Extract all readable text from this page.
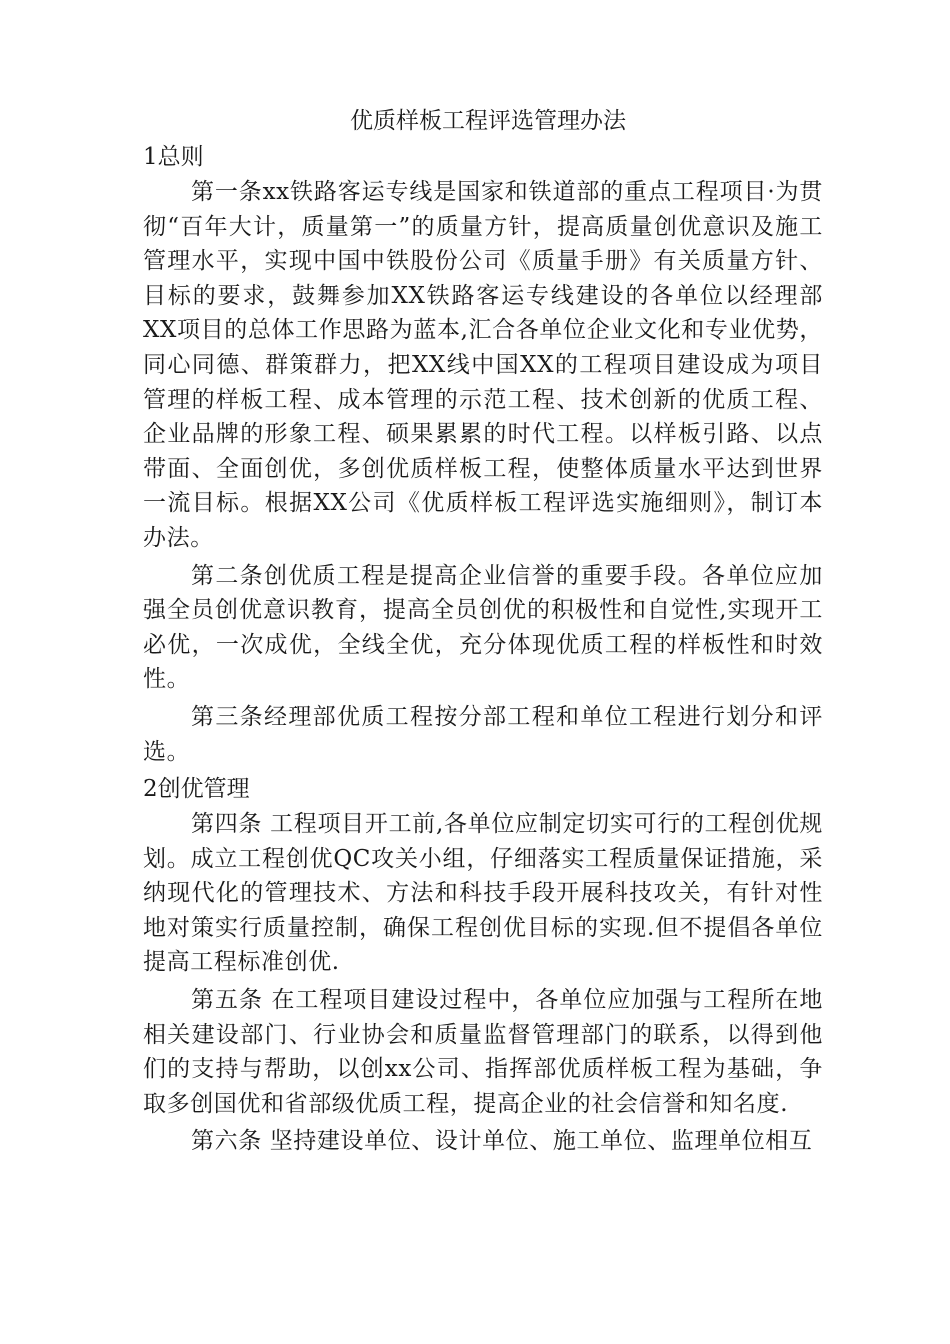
优质样板工程评选管理办法
1总则

第一条xx铁路客运专线是国家和铁道部的重点工程项目·为贯彻“百年大计，质量第一”的质量方针，提高质量创优意识及施工管理水平，实现中国中铁股份公司《质量手册》有关质量方针、目标的要求，鼓舞参加XX铁路客运专线建设的各单位以经理部XX项目的总体工作思路为蓝本,汇合各单位企业文化和专业优势，同心同德、群策群力，把XX线中国XX的工程项目建设成为项目管理的样板工程、成本管理的示范工程、技术创新的优质工程、企业品牌的形象工程、硕果累累的时代工程。以样板引路、以点带面、全面创优，多创优质样板工程，使整体质量水平达到世界一流目标。根据XX公司《优质样板工程评选实施细则》，制订本办法。

第二条创优质工程是提高企业信誉的重要手段。各单位应加强全员创优意识教育，提高全员创优的积极性和自觉性,实现开工必优，一次成优，全线全优，充分体现优质工程的样板性和时效性。

第三条经理部优质工程按分部工程和单位工程进行划分和评选。

2创优管理

第四条 工程项目开工前,各单位应制定切实可行的工程创优规划。成立工程创优QC攻关小组，仔细落实工程质量保证措施，采纳现代化的管理技术、方法和科技手段开展科技攻关，有针对性地对策实行质量控制，确保工程创优目标的实现.但不提倡各单位提高工程标准创优.

第五条 在工程项目建设过程中，各单位应加强与工程所在地相关建设部门、行业协会和质量监督管理部门的联系，以得到他们的支持与帮助，以创xx公司、指挥部优质样板工程为基础，争取多创国优和省部级优质工程，提高企业的社会信誉和知名度.

第六条 坚持建设单位、设计单位、施工单位、监理单位相互
